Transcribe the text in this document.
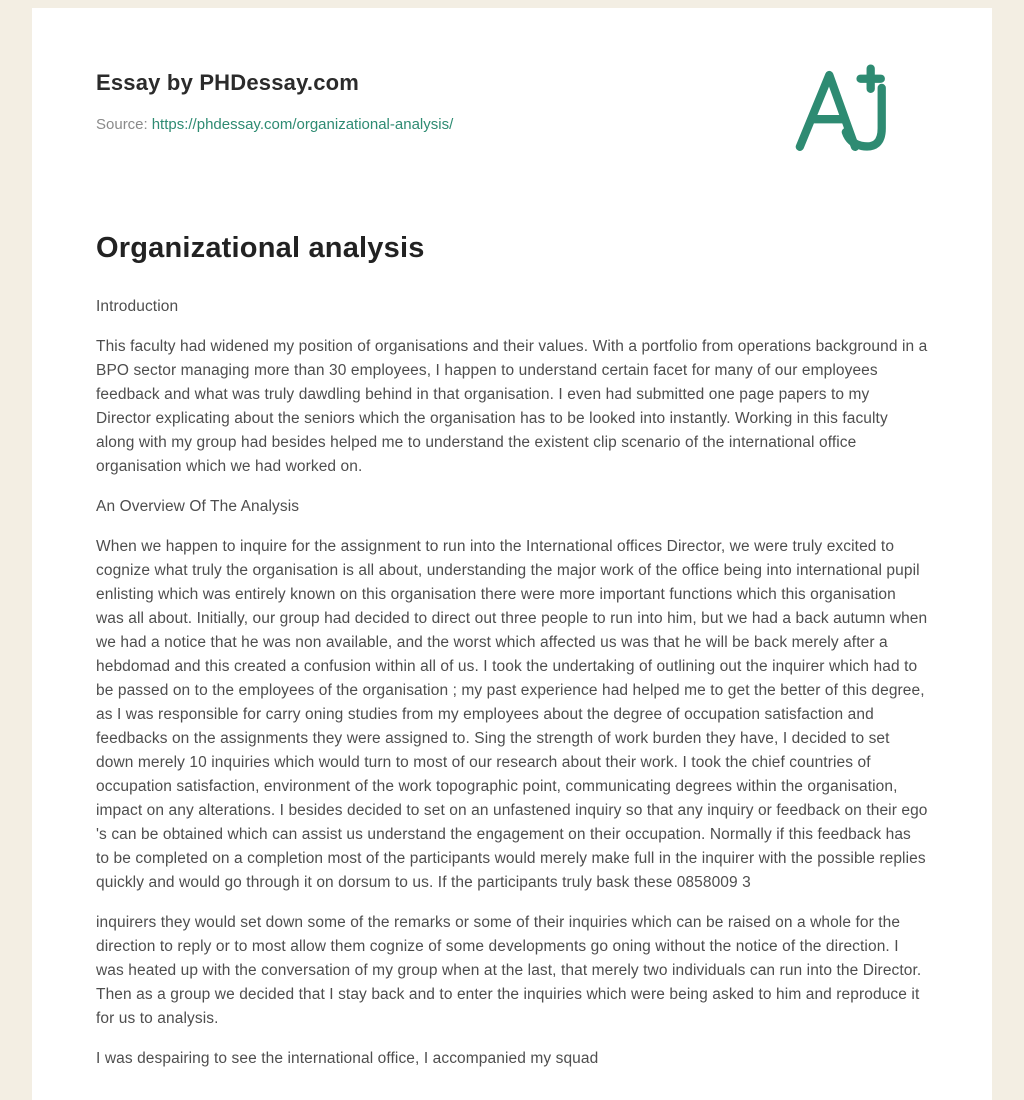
Essay by PHDessay.com

Source: https://phdessay.com/organizational-analysis/

Organizational analysis

Introduction

This faculty had widened my position of organisations and their values. With a portfolio from operations background in a BPO sector managing more than 30 employees, I happen to understand certain facet for many of our employees feedback and what was truly dawdling behind in that organisation. I even had submitted one page papers to my Director explicating about the seniors which the organisation has to be looked into instantly. Working in this faculty along with my group had besides helped me to understand the existent clip scenario of the international office organisation which we had worked on.

An Overview Of The Analysis

When we happen to inquire for the assignment to run into the International offices Director, we were truly excited to cognize what truly the organisation is all about, understanding the major work of the office being into international pupil enlisting which was entirely known on this organisation there were more important functions which this organisation was all about. Initially, our group had decided to direct out three people to run into him, but we had a back autumn when we had a notice that he was non available, and the worst which affected us was that he will be back merely after a hebdomad and this created a confusion within all of us. I took the undertaking of outlining out the inquirer which had to be passed on to the employees of the organisation ; my past experience had helped me to get the better of this degree, as I was responsible for carry oning studies from my employees about the degree of occupation satisfaction and feedbacks on the assignments they were assigned to. Sing the strength of work burden they have, I decided to set down merely 10 inquiries which would turn to most of our research about their work. I took the chief countries of occupation satisfaction, environment of the work topographic point, communicating degrees within the organisation, impact on any alterations. I besides decided to set on an unfastened inquiry so that any inquiry or feedback on their ego 's can be obtained which can assist us understand the engagement on their occupation. Normally if this feedback has to be completed on a completion most of the participants would merely make full in the inquirer with the possible replies quickly and would go through it on dorsum to us. If the participants truly bask these 0858009 3

inquirers they would set down some of the remarks or some of their inquiries which can be raised on a whole for the direction to reply or to most allow them cognize of some developments go oning without the notice of the direction. I was heated up with the conversation of my group when at the last, that merely two individuals can run into the Director. Then as a group we decided that I stay back and to enter the inquiries which were being asked to him and reproduce it for us to analysis.

I was despairing to see the international office, I accompanied my squad
